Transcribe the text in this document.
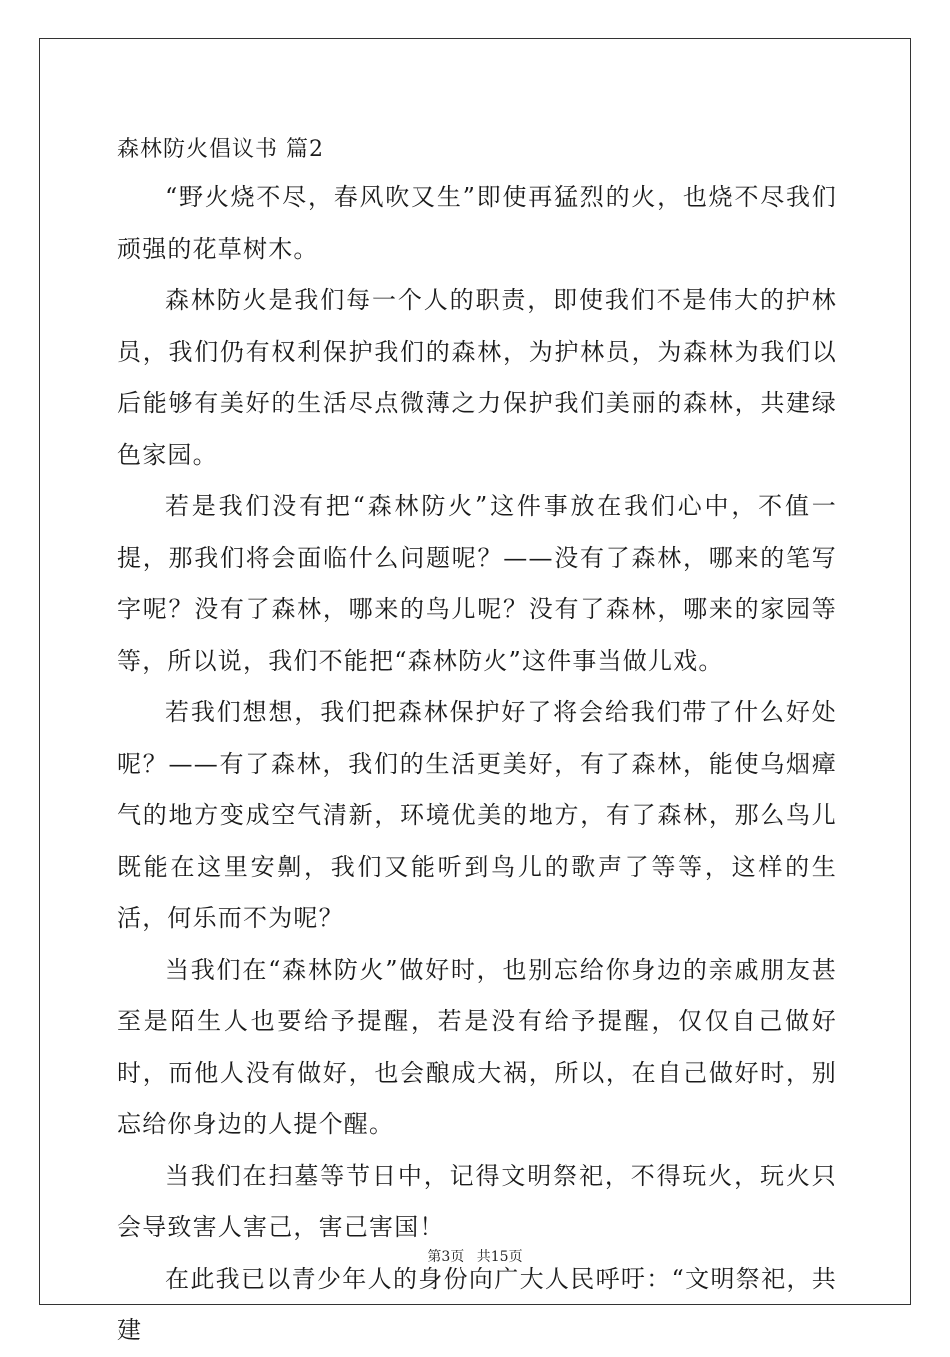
森林防火倡议书 篇2

“野火烧不尽，春风吹又生”即使再猛烈的火，也烧不尽我们顽强的花草树木。

森林防火是我们每一个人的职责，即使我们不是伟大的护林员，我们仍有权利保护我们的森林，为护林员，为森林为我们以后能够有美好的生活尽点微薄之力保护我们美丽的森林，共建绿色家园。

若是我们没有把“森林防火”这件事放在我们心中，不值一提，那我们将会面临什么问题呢？——没有了森林，哪来的笔写字呢？没有了森林，哪来的鸟儿呢？没有了森林，哪来的家园等等，所以说，我们不能把“森林防火”这件事当做儿戏。

若我们想想，我们把森林保护好了将会给我们带了什么好处呢？——有了森林，我们的生活更美好，有了森林，能使乌烟瘴气的地方变成空气清新，环境优美的地方，有了森林，那么鸟儿既能在这里安劓，我们又能听到鸟儿的歌声了等等，这样的生活，何乐而不为呢？

当我们在“森林防火”做好时，也别忘给你身边的亲戚朋友甚至是陌生人也要给予提醒，若是没有给予提醒，仅仅自己做好时，而他人没有做好，也会酿成大祸，所以，在自己做好时，别忘给你身边的人提个醒。

当我们在扫墓等节日中，记得文明祭祀，不得玩火，玩火只会导致害人害己，害己害国！

在此我已以青少年人的身份向广大人民呼吁：“文明祭祀，共建

第3页 共15页
